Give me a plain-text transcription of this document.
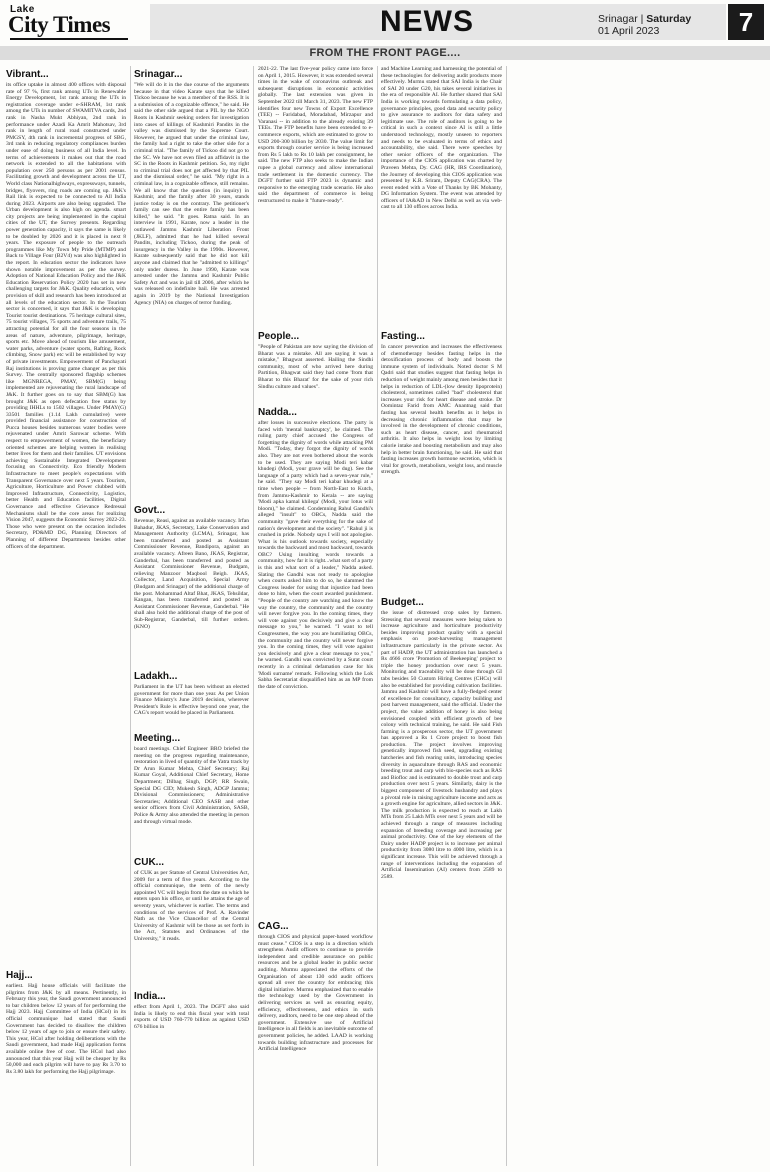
Lake
City Times	NEWS	Srinagar | Saturday
01 April 2023	7
FROM THE FRONT PAGE....
Vibrant...
its office uptake in almost 400 offices with disposal rate of 97 %, first rank among UTs in Renewable Energy Development, 1st rank among the UTs in registration coverage under e-SHRAM, 1st rank among the UTs in number of SWAMITVA cards, 2nd rank in Nasha Mukt Abhiyan, 2nd rank in performance under Azadi Ka Amrit Mahotsav, 3rd rank in length of rural road constructed under PMGSY, 4th rank in incremental progress of SBG, 3rd rank in reducing regulatory compliances burden under ease of doing business of all India level. In terms of achievements it makes out that the road network is extended to all the habitations with population over 250 persons as per 2001 census. Facilitating growth and development across the UT, World class Nationalhighways, expressways, tunnels, bridges, flyovers, ring roads are coming up. J&K's Rail link is expected to be connected to All India during 2023. Airports are also being upgraded. The Urban development is also high on agenda. smart city projects are being implemented in the capital cities of the UT, the Survey presents. Regarding power generation capacity, it says the same is likely to be doubled by 2026 and it is placed in next 8 years. The exposure of people to the outreach programmes like My Town My Pride (MTMP) and Back to Village Four (B2V4) was also highlighted in the report. In education sector the indicators have shown notable improvement as per the survey. Adoption of National Education Policy and the J&K Education Reservation Policy 2020 has set in new challenging targets for J&K. Quality education, with provision of skill and research has been introduced at all levels of the education sector. In the Tourism sector is concerned, it says that J&K is developing Tourist tourist destinations. 75 heritage cultural sites, 75 tourist villages, 75 sports and adventure trails, 75 attracting potential for all the four seasons in the areas of nature, adventure, pilgrimage, heritage, sports etc. Move ahead of tourism like amusement, water parks, adventure (water sports, Rafting, Rock climbing, Snow park) etc will be established by way of private investments. Empowerment of Panchayati Raj institutions is proving game changer as per this Survey. The centrally sponsored flagship schemes like MGNREGA, PMAY, SBM(G) being implemented are rejuvenating the rural landscape of J&K. It further goes on to say that SBM(G) has brought J&K as open defecation free status by providing IHHLs to 1502 villages. Under PMAY(G) 33501 families (1.14 Lakh cumulative) were provided financial assistance for construction of Pucca houses besides numerous water bodies were rejuvenated under Amrit Sarowar scheme. With respect to empowerment of women, the beneficiary oriented schemes are helping women in realising better lives for them and their families. UT envisions achieving Sustainable Integrated Development focusing on Connectivity. Eco friendly Modern Infrastructure to meet people's expectations with Transparent Governance over next 5 years. Tourism, Agriculture, Horticulture and Power clubbed with Improved Infrastructure, Connectivity, Logistics, better Health and Education facilities, Digital Governance and effective Grievance Redressal Mechanisms shall be the core areas for realizing Vision 2047, suggests the Economic Survey 2022-23. Those who were present on the occasion includes Secretary, PD&MD DG, Planning Directors of Planning of different Departments besides other officers of the department.
Hajj...
earliest. Hajj house officials will facilitate the pilgrims from J&K by all means. Pertinently, in February this year, the Saudi government announced to bar children below 12 years of for performing the Hajj 2023. Hajj Committee of India (HCol) in its official communique had stated that Saudi Government has decided to disallow the children below 12 years of age to join or ensure their safety. This year, HCol after holding deliberations with the Saudi government, had made Hajj application forms available online free of cost. The HCol had also announced that this year Hajj will be cheaper by Rs 50,000 and each pilgrim will have to pay Rs 3.70 to Rs 3.80 lakh for performing the Hajj pilgrimage.
Srinagar...
"We will do it in the due course of the arguments because in that video Karate says that he killed Tickoo because he was a member of the RSS. It is a submission of a cognizable offence," he said. He said the other side argued that a PIL by the NGO Roots in Kashmir seeking orders for investigation into cases of killings of Kashmiri Pandits in the valley was dismissed by the Supreme Court. However, he argued that under the criminal law, the family had a right to take the other side for a criminal trial. "The family of Tickoo did not go to the SC. We have not even filed an affidavit in the SC in the Roots in Kashmir petition. So, my right to criminal trial does not get affected by that PIL and the dismissal order," he said. "My right in a criminal law, in a cognizable offence, still remains. We all know that the question (in inquiry) in Kashmir, and the family after 30 years, stands justice today is on the contrary. The petitioner's family can see that the entire family has been killed," he said. "It goes. Ratna said. In an interview in 1991, Karate, now a leader in the outlawed Jammu Kashmir Liberation Front (JKLF), admitted that he had killed several Pandits, including Tickoo, during the peak of insurgency in the Valley in the 1990s. However, Karate subsequently said that he did not kill anyone and claimed that he "admitted to killings" only under duress. In June 1990, Karate was arrested under the Jammu and Kashmir Public Safety Act and was in jail till 2006, after which he was released on indefinite bail. He was arrested again in 2019 by the National Investigation Agency (NIA) on charges of terror funding.
Govt...
Revenue, Reasi, against an available vacancy. Irfan Bahadur, JKAS, Secretary, Lake Conservation and Management Authority (LCMA), Srinagar, has been transferred and posted as Assistant Commissioner Revenue, Bandipora, against an available vacancy. Afreen Bano, JKAS, Registrar, Ganderbal, has been transferred and posted as Assistant Commissioner Revenue, Budgam, relieving Manzoor Maqbool Beigh. JKAS, Collector, Land Acquisition, Special Army (Budgam and Srinagar) of the additional charge of the post. Mohammad Altaf Bhat, JKAS, Tehsildar, Kangan, has been transferred and posted as Assistant Commissioner Revenue, Ganderbal. "He shall also hold the additional charge of the post of Sub-Registrar, Ganderbal, till further orders. (KNO)
Ladakh...
Parliament in the UT has been without an elected government for more than one year. As per Union Finance Ministry's June 2019 decision, wherever President's Rule is effective beyond one year, the CAG's report would be placed in Parliament.
Meeting...
board meetings. Chief Engineer BRO briefed the meeting on the progress regarding maintenance, restoration in lived of quantity of the Yatra track by Dr Arun Kumar Mehta, Chief Secretary; Raj Kumar Goyal, Additional Chief Secretary, Home Department; Dilbag Singh, DGP; RR Swain, Special DG CID; Mukesh Singh, ADGP Jammu; Divisional Commissioners; Administrative Secretaries; Additional CEO SASB and other senior officers from Civil Administration, SASB, Police & Army also attended the meeting in person and through virtual mode.
CUK...
of CUK as per Statute of Central Universities Act, 2009 for a term of five years. According to the official communique, the term of the newly appointed VC will begin from the date on which he enters upon his office, or until he attains the age of seventy years, whichever is earlier. The terms and conditions of the services of Prof. A. Ravinder Nath as the Vice Chancellor of the Central University of Kashmir will be those as set forth in the Act, Statutes and Ordinances of the University," it reads.
India...
effect from April 1, 2023. The DGFT also said India is likely to end this fiscal year with total exports of USD 760-770 billion as against USD 676 billion in
2021-22. The last five-year policy came into force on April 1, 2015. However, it was extended several times in the wake of coronavirus outbreak and subsequent disruptions in economic activities globally. The last extension was given in September 2022 till March 31, 2023. The new FTP identifies four new Towns of Export Excellence (TEE) -- Faridabad, Moradabad, Mirzapur and Varanasi -- in addition to the already existing 39 TEEs. The FTP benefits have been extended to e-commerce exports, which are estimated to grow to USD 200-300 billion by 2030. The value limit for exports through courier service is being increased from Rs 5 lakh to Rs 10 lakh per consignment, he said. The new FTP also seeks to make the Indian rupee a global currency and allow international trade settlement in the domestic currency. The DGFT further said FTP 2023 is dynamic and responsive to the emerging trade scenario. He also said the department of commerce is being restructured to make it "future-ready".
People...
"People of Pakistan are now saying the division of Bharat was a mistake. All are saying it was a mistake," Bhagwat asserted. Hailing the Sindhi community, most of who arrived here during Partition, Bhagwat said they had come 'from that Bharat to this Bharat' for the sake of your rich Sindhu culture and values".
Nadda...
after losses in successive elections. The party is faced with 'mental bankruptcy', he claimed. The ruling party chief accused the Congress of forgetting the dignity of words while attacking PM Modi. "Today, they forgot the dignity of words also. They are not even bothered about the words to be used. They are saying Modi teri kabar khudegi (Modi, your grave will be dug). See the language of a party which had a seven-year rule," he said. "They say Modi teri kabar khudegi at a time when people -- from North-East to Kutch, from Jammu-Kashmir to Kerala -- are saying 'Modi apka kamal khilega' (Modi, your lotus will bloom)," he claimed. Condemning Rahul Gandhi's alleged "insult" to OBCs, Nadda said the community "gave their everything for the sake of nation's development and the society". "Rahul ji is crushed in pride. Nobody says I will not apologise. What is his outlook towards society, especially towards the backward and most backward, towards OBC? Using insulting words towards a community, how far it is right...what sort of a party is this and what sort of a leader," Nadda asked. Slating the Gandhi was not ready to apologise when courts asked him to do so, he slammed the Congress leader for using that injustice had been done to him, when the court awarded punishment. "People of the country are watching and know the way the country, the community and the country will never forgive you. In the coming times, they will vote against you decisively and give a clear message to you," he warned. "I want to tell Congressmen, the way you are humiliating OBCs, the community and the country will never forgive you. In the coming times, they will vote against you decisively and give a clear message to you," he warned. Gandhi was convicted by a Surat court recently in a criminal defamation case for his 'Modi surname' remark. Following which the Lok Sabha Secretariat disqualified him as an MP from the date of conviction.
CAG...
through CIOS and physical paper-based workflow must cease." CIOS is a step in a direction which strengthens Audit officers to continue to provide independent and credible assurance on public resources and be a global leader in public sector auditing. Murmu appreciated the efforts of the Organisation of about 130 odd audit officers spread all over the country for embracing this digital initiative. Murmu emphasized that to enable the technology used by the Government in delivering services as well as ensuring equity, efficiency, effectiveness, and ethics in such delivery, auditors, need to be one step ahead of the government. Extensive use of Artificial Intelligence in all fields is an inevitable outcome of government policies, he added. LAAD is working towards building infrastructure and processes for Artificial Intelligence
and Machine Learning and harnessing the potential of these technologies for delivering audit products more effectively. Murmu stated that SAI India is the Chair of SAI 20 under G20, his takes several initiatives in the era of responsible AI. He further shared that SAI India is working towards formulating a data policy, governance principles, good data and security policy to give assurance to auditors for data safety and legitimate use. The role of auditors is going to be critical in such a context since AI is still a little understood technology, mostly unseen to reporters and needs to be evaluated in terms of ethics and accountability, she said. There were speeches by other senior officers of the organization. The importance of the CIOS application was charted by Praveen Mehta, Dy. CAG (HR, IRS Coordination), the Journey of developing this CIOS application was presented by K.R. Sriram, Deputy CAG(CRA). The event ended with a Vote of Thanks by BK Mohanty, DG Information System. The event was attended by officers of IA&AD in New Delhi as well as via web-cast to all 130 offices across India.
Fasting...
In cancer prevention and increases the effectiveness of chemotherapy besides fasting helps in the detoxification process of body and boosts the immune system of individuals. Noted doctor S M Qadri said that studies suggest that fasting helps in reduction of weight mainly among men besides that it helps in reduction of LDL-(low density lipoprotein) cholesterol, sometimes called "bad" cholesterol that increases your risk for heart disease and stroke. Dr Oomintaz Farid from AMC Anantnag said that fasting has several health benefits as it helps in decreasing chronic inflammation that may be involved in the development of chronic conditions, such as heart disease, cancer, and rheumatoid arthritis. It also helps in weight loss by limiting calorie intake and boosting metabolism and may also help in better brain functioning, he said. He said that fasting increases growth hormone secretion, which is vital for growth, metabolism, weight loss, and muscle strength.
Budget...
the issue of distressed crop sales by farmers. Stressing that several measures were being taken to increase agriculture and horticulture productivity besides improving product quality with a special emphasis on post-harvesting management infrastructure particularly in the private sector. As part of HADP, the UT administration has launched a Rs 4666 crore 'Promotion of Beekeeping' project to triple the honey production over next 5 years. Monitoring and traceability will be done through GI tabs besides 50 Custom Hiring Centres (CHCs) will also be established for providing cultivation facilities. Jammu and Kashmir will have a fully-fledged center of excellence for consultancy, capacity building and post harvest management, said the official. Under the project, the value addition of honey is also being envisioned coupled with efficient growth of bee colony with technical training, he said. He said Fish farming is a prosperous sector, the UT government has approved a Rs 1 Crore project to boost fish production. The project involves improving genetically improved fish seed, upgrading existing hatcheries and fish rearing units, introducing species diversity in aquaculture through RAS and economic breeding trout and carp with bio-species such as RAS and Biofloc and is estimated to double trout and carp production over next 5 years. Similarly, dairy is the biggest component of livestock husbandry and plays a pivotal role in raising agriculture income and acts as a growth engine for agriculture, allied sectors in J&K. The milk production is expected to reach at Lakh MTs from 25 Lakh MTs over next 5 years and will be achieved through a range of measures including expansion of breeding coverage and increasing per animal productivity. One of the key elements of the Dairy under HADP project is to increase per animal productivity from 3080 litre to 4000 litre, which is a significant increase. This will be achieved through a range of interventions including the expansion of Artificial Insemination (AI) centers from 2589 to 2589.
